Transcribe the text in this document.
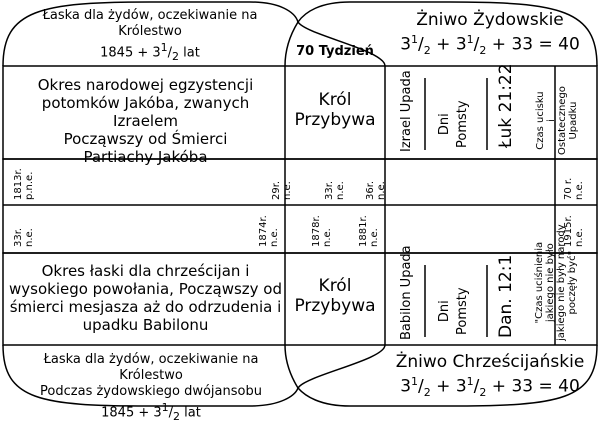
Łaska dla żydów, oczekiwanie na Królestwo
$1845 + 3^1/_2$ lat	70 Tydzień
Żniwo Żydowskie
$3^1/_2 + 3^1/_2 + 33 = 40$
Okres narodowej egzystencji
potomków Jakóba, zwanych Izraelem
Począwszy od Śmierci
Partiachy Jakóba
Król
Przybywa	Izrael Upada Dni Pomsty Łuk 21:22 Czas ucisku i Ostatecznego Upadku
1813r. p.n.e.	29r. n.e.	33r. n.e. 36r. n.e.	70 r. n.e.
33r. n.e.	1874r. n.e.	1878r. n.e.	1881r. n.e.	1915r. n.e.
Okres łaski dla chrześcijan i
wysokiego powołania, Począwszy od
śmierci mesjasza aż do odrzudenia i
upadku Babilonu
Król
Przybywa	Babilon Upada Dni Pomsty Dan. 12:1 "Czas uciśnienia jakiego nie było jakiego nie były narody poczęły być"
Łaska dla żydów, oczekiwanie na Królestwo
Podczas żydowskiego dwójansobu
$1845 + 3^1/_2$ lat
Żniwo Chrześcijańskie
$3^1/_2 + 3^1/_2 + 33 = 40$
